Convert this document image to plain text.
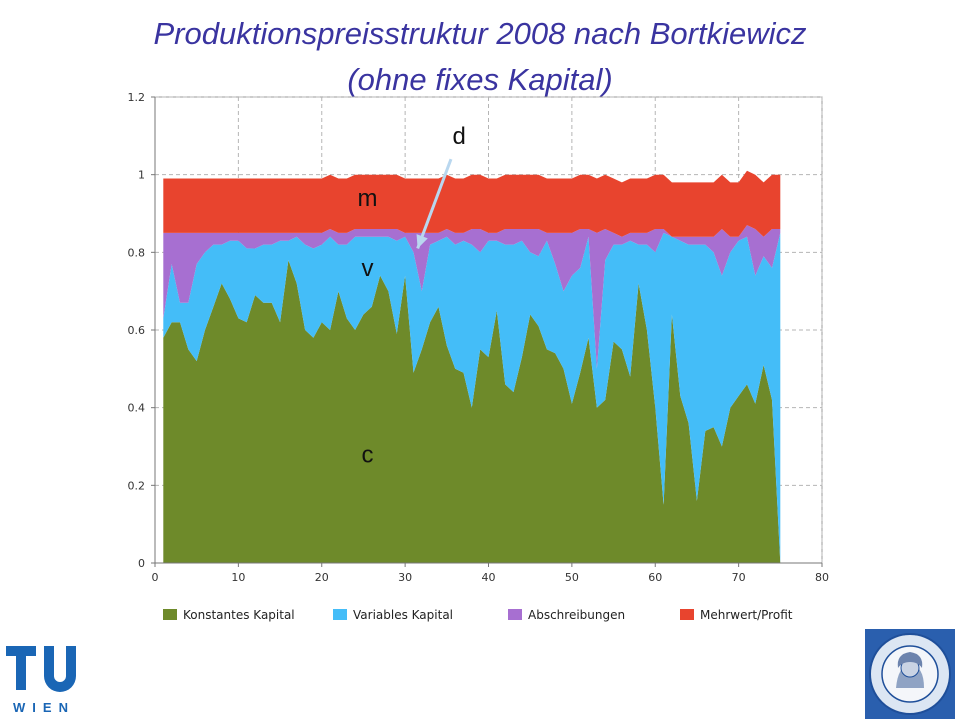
Produktionspreisstruktur 2008 nach Bortkiewicz
(ohne fixes Kapital)
0	10	20	30	40	50	60	70	80
0
0.2
0.4
0.6
0.8
1
1.2
Konstantes Kapital	Variables Kapital	Abschreibungen	Mehrwert/Profit
m
v
d
c
WIEN
